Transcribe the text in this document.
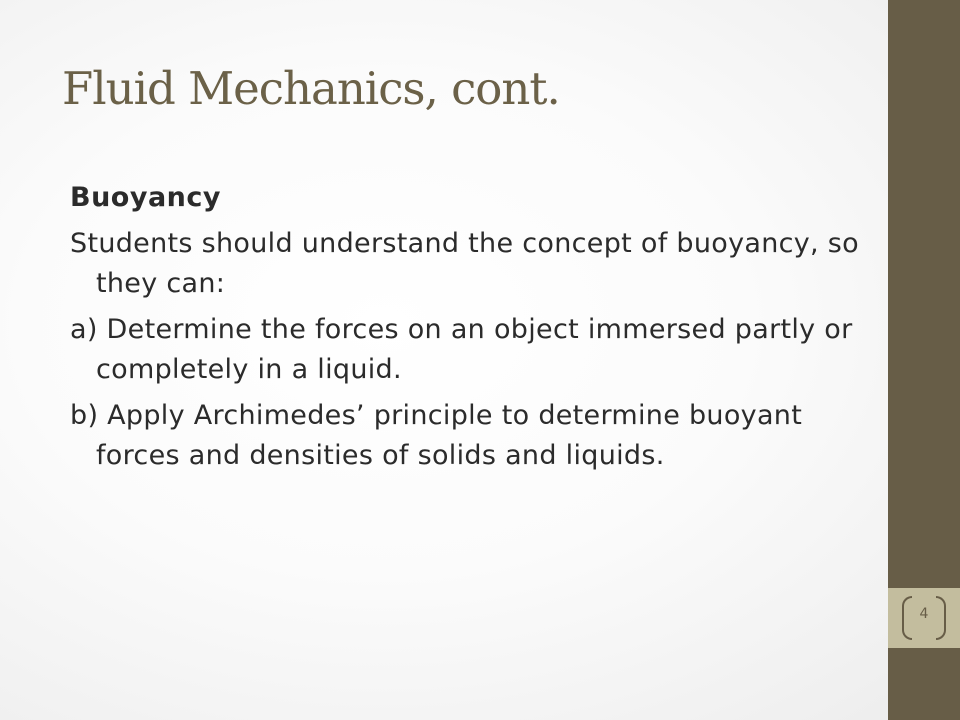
Fluid Mechanics, cont.

Buoyancy

Students should understand the concept of buoyancy, so they can:

a) Determine the forces on an object immersed partly or completely in a liquid.

b) Apply Archimedes’ principle to determine buoyant forces and densities of solids and liquids.

4
